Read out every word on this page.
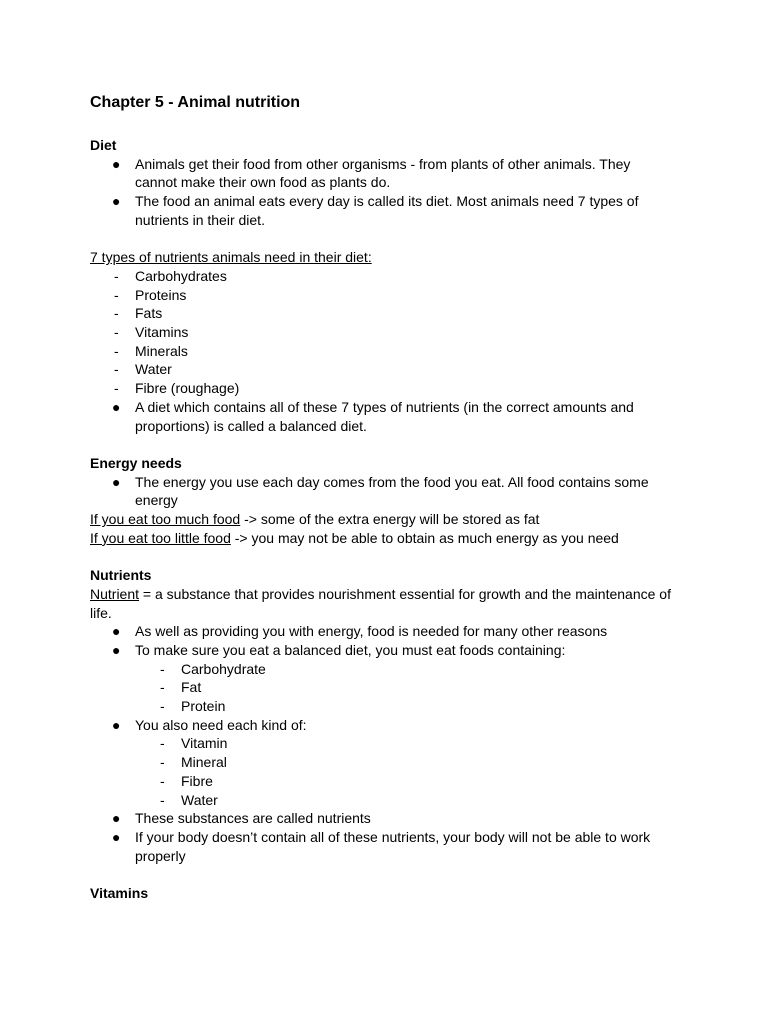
Chapter 5 - Animal nutrition

Diet

● Animals get their food from other organisms - from plants of other animals. They cannot make their own food as plants do.
● The food an animal eats every day is called its diet. Most animals need 7 types of nutrients in their diet.

7 types of nutrients animals need in their diet:

- Carbohydrates
- Proteins
- Fats
- Vitamins
- Minerals
- Water
- Fibre (roughage)
● A diet which contains all of these 7 types of nutrients (in the correct amounts and proportions) is called a balanced diet.

Energy needs

● The energy you use each day comes from the food you eat. All food contains some energy

If you eat too much food -> some of the extra energy will be stored as fat

If you eat too little food -> you may not be able to obtain as much energy as you need

Nutrients

Nutrient = a substance that provides nourishment essential for growth and the maintenance of life.

● As well as providing you with energy, food is needed for many other reasons
● To make sure you eat a balanced diet, you must eat foods containing:
- Carbohydrate
- Fat
- Protein
● You also need each kind of:
- Vitamin
- Mineral
- Fibre
- Water
● These substances are called nutrients
● If your body doesn’t contain all of these nutrients, your body will not be able to work properly

Vitamins
